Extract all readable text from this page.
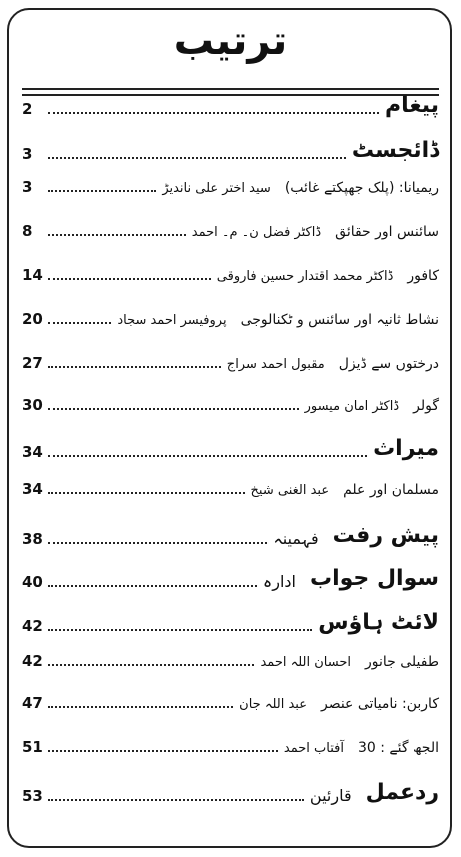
ترتیب
2	پیغام
3	ڈائجسٹ
3	ریمیانا: (پلک جھپکتے غائب)
سید اختر علی ناندیڑ
8	سائنس اور حقائق
ڈاکٹر فضل ن۔ م۔ احمد
14	کافور
ڈاکٹر محمد اقتدار حسین فاروقی
20	نشاط ثانیہ اور سائنس و ٹکنالوجی
پروفیسر احمد سجاد
27	درختوں سے ڈیزل
مقبول احمد سراج
30	گولر
ڈاکٹر امان میسور
34	میراث
34	مسلمان اور علم
عبد الغنی شیخ
38	پیش رفت
فہمینہ
40	سوال جواب
ادارہ
42	لائٹ ہاؤس
42	طفیلی جانور
احسان اللہ احمد
47	کاربن: نامیاتی عنصر
عبد اللہ جان
51	الجھ گئے : 30
آفتاب احمد
53	ردعمل
قارئین
